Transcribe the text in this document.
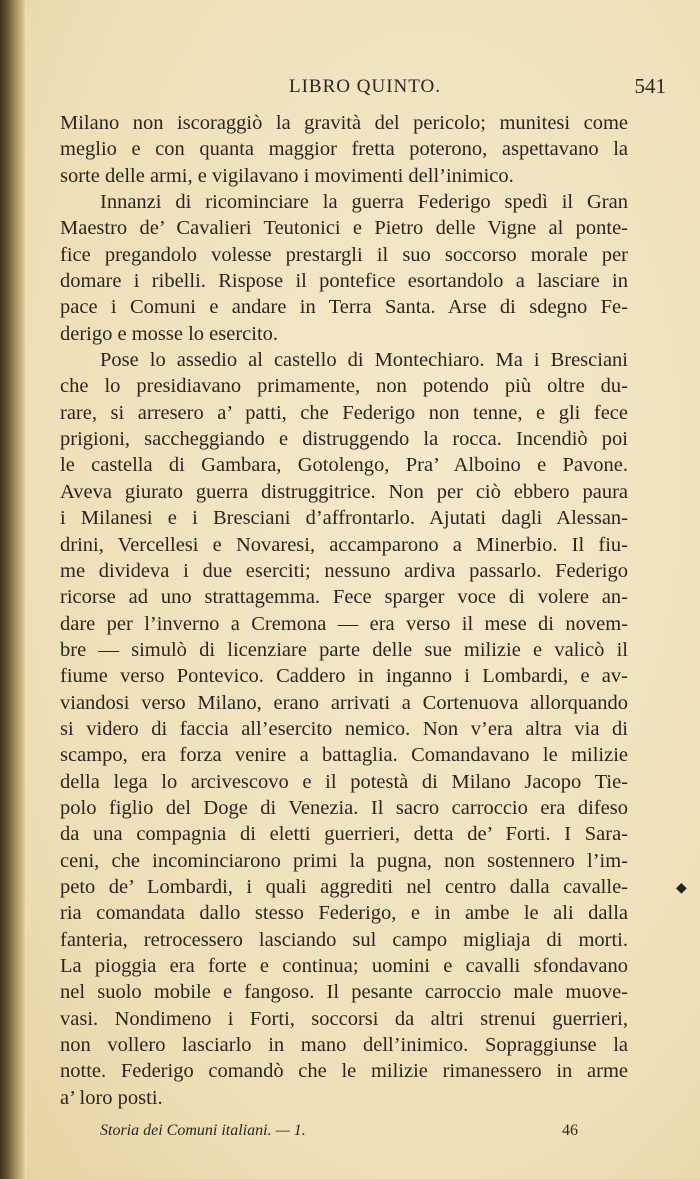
LIBRO QUINTO.	541
Milano non iscoraggiò la gravità del pericolo; munitesi come
meglio e con quanta maggior fretta poterono, aspettavano la
sorte delle armi, e vigilavano i movimenti dell’inimico.
Innanzi di ricominciare la guerra Federigo spedì il Gran
Maestro de’ Cavalieri Teutonici e Pietro delle Vigne al ponte-
fice pregandolo volesse prestargli il suo soccorso morale per
domare i ribelli. Rispose il pontefice esortandolo a lasciare in
pace i Comuni e andare in Terra Santa. Arse di sdegno Fe-
derigo e mosse lo esercito.
Pose lo assedio al castello di Montechiaro. Ma i Bresciani
che lo presidiavano primamente, non potendo più oltre du-
rare, si arresero a’ patti, che Federigo non tenne, e gli fece
prigioni, saccheggiando e distruggendo la rocca. Incendiò poi
le castella di Gambara, Gotolengo, Pra’ Alboino e Pavone.
Aveva giurato guerra distruggitrice. Non per ciò ebbero paura
i Milanesi e i Bresciani d’affrontarlo. Ajutati dagli Alessan-
drini, Vercellesi e Novaresi, accamparono a Minerbio. Il fiu-
me divideva i due eserciti; nessuno ardiva passarlo. Federigo
ricorse ad uno strattagemma. Fece sparger voce di volere an-
dare per l’inverno a Cremona — era verso il mese di novem-
bre — simulò di licenziare parte delle sue milizie e valicò il
fiume verso Pontevico. Caddero in inganno i Lombardi, e av-
viandosi verso Milano, erano arrivati a Cortenuova allorquando
si videro di faccia all’esercito nemico. Non v’era altra via di
scampo, era forza venire a battaglia. Comandavano le milizie
della lega lo arcivescovo e il potestà di Milano Jacopo Tie-
polo figlio del Doge di Venezia. Il sacro carroccio era difeso
da una compagnia di eletti guerrieri, detta de’ Forti. I Sara-
ceni, che incominciarono primi la pugna, non sostennero l’im-
peto de’ Lombardi, i quali aggrediti nel centro dalla cavalle-
ria comandata dallo stesso Federigo, e in ambe le ali dalla
fanteria, retrocessero lasciando sul campo migliaja di morti.
La pioggia era forte e continua; uomini e cavalli sfondavano
nel suolo mobile e fangoso. Il pesante carroccio male muove-
vasi. Nondimeno i Forti, soccorsi da altri strenui guerrieri,
non vollero lasciarlo in mano dell’inimico. Sopraggiunse la
notte. Federigo comandò che le milizie rimanessero in arme
a’ loro posti.
◆
Storia dei Comuni italiani. — 1.	46
